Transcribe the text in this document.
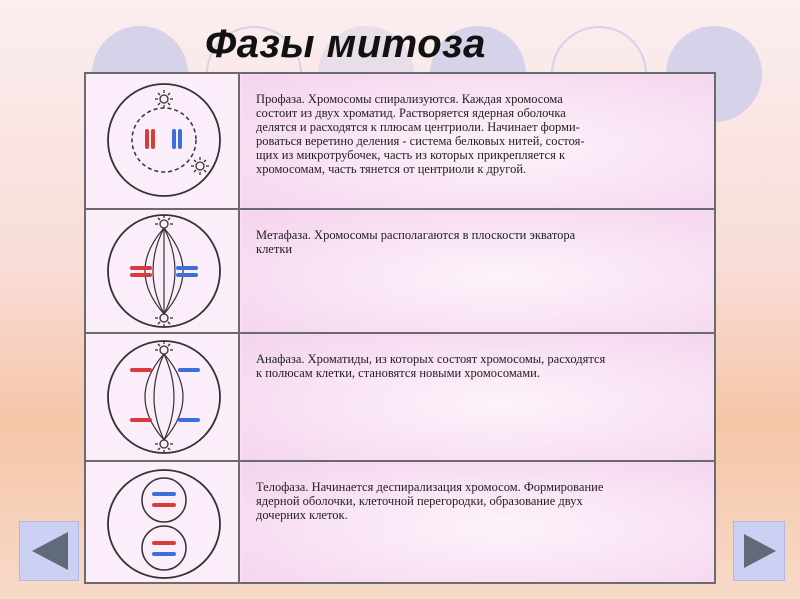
Фазы митоза
Профаза. Хромосомы спирализуются. Каждая хромосома
состоит из двух хроматид. Растворяется ядерная оболочка
делятся и расходятся к плюсам центриоли. Начинает форми-
роваться веретино деления - система белковых нитей, состоя-
щих из микротрубочек, часть из которых прикрепляется к
хромосомам, часть тянется от центриоли к другой.
Метафаза. Хромосомы располагаются в плоскости экватора
клетки
Анафаза. Хроматиды, из которых состоят хромосомы, расходятся
к полюсам клетки, становятся новыми хромосомами.
Телофаза. Начинается деспирализация хромосом. Формирование
ядерной оболочки, клеточной перегородки, образование двух
дочерних клеток.
